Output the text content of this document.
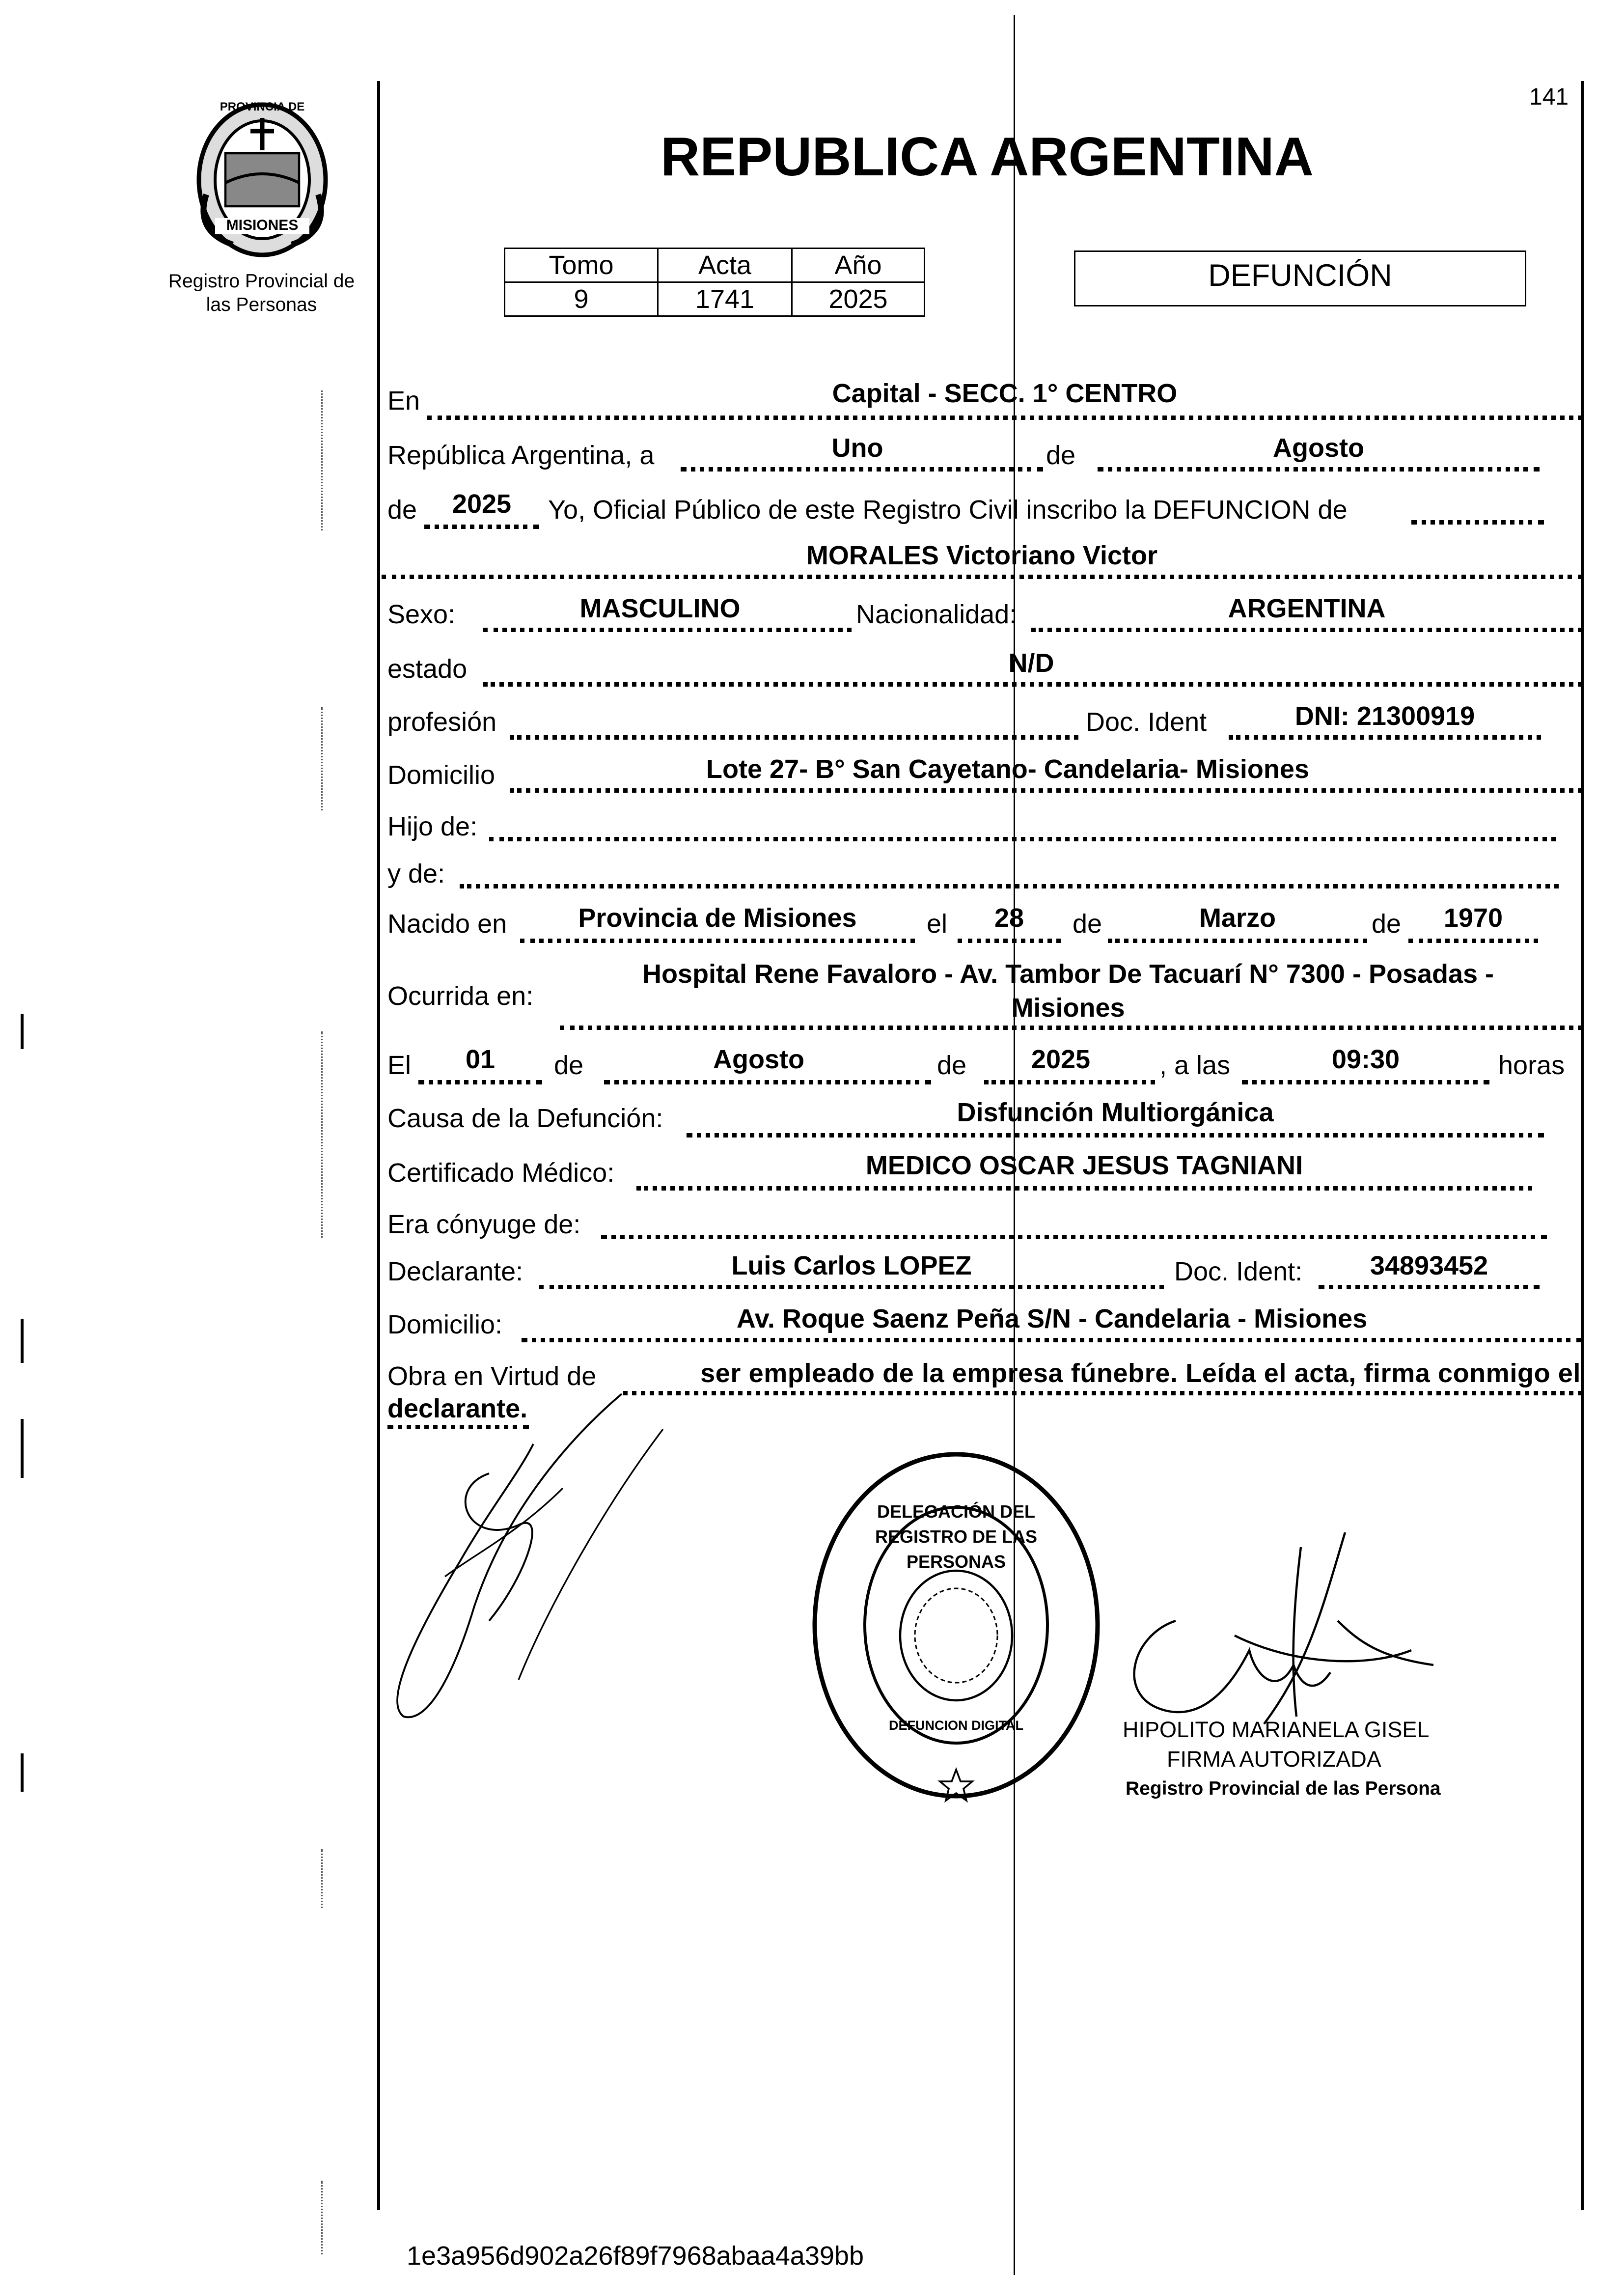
141
PROVINCIA DE
MISIONES
Registro Provincial de
las Personas
REPUBLICA ARGENTINA
Tomo	Acta	Año
9	1741	2025
DEFUNCIÓN
En	Capital - SECC. 1° CENTRO
República Argentina, a	Uno	de	Agosto
de	2025	Yo, Oficial Público de este Registro Civil inscribo la DEFUNCION de
MORALES Victoriano Victor
Sexo:	MASCULINO	Nacionalidad:	ARGENTINA
estado	N/D
profesión	Doc. Ident	DNI: 21300919
Domicilio	Lote 27- B° San Cayetano- Candelaria- Misiones
Hijo de:
y de:
Nacido en	Provincia de Misiones	el	28	de	Marzo	de	1970
Ocurrida en:
Hospital Rene Favaloro - Av. Tambor De Tacuarí N° 7300 - Posadas -
Misiones
El	01	de	Agosto	de	2025	, a las	09:30	horas
Causa de la Defunción:	Disfunción Multiorgánica
Certificado Médico:	MEDICO OSCAR JESUS TAGNIANI
Era cónyuge de:
Declarante:	Luis Carlos LOPEZ	Doc. Ident:	34893452
Domicilio:	Av. Roque Saenz Peña S/N - Candelaria - Misiones
Obra en Virtud de	ser empleado de la empresa fúnebre. Leída el acta, firma conmigo el
declarante.
DELEGACIÓN DEL REGISTRO DE LAS PERSONAS
DEFUNCION DIGITAL	HIPOLITO MARIANELA GISEL
FIRMA AUTORIZADA
Registro Provincial de las Persona
1e3a956d902a26f89f7968abaa4a39bb
